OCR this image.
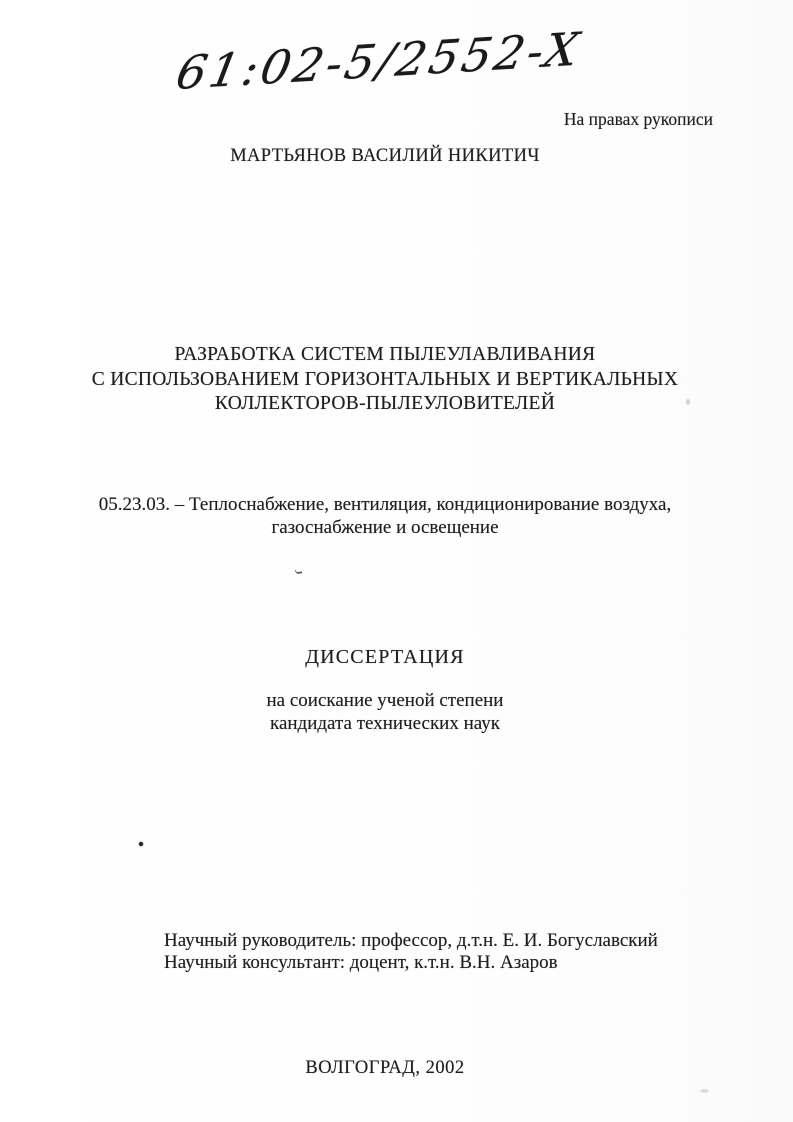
61:02-5/2552-X
На правах рукописи
МАРТЬЯНОВ ВАСИЛИЙ НИКИТИЧ
РАЗРАБОТКА СИСТЕМ ПЫЛЕУЛАВЛИВАНИЯ
С ИСПОЛЬЗОВАНИЕМ ГОРИЗОНТАЛЬНЫХ И ВЕРТИКАЛЬНЫХ
КОЛЛЕКТОРОВ-ПЫЛЕУЛОВИТЕЛЕЙ
05.23.03. – Теплоснабжение, вентиляция, кондиционирование воздуха,
газоснабжение и освещение
ДИССЕРТАЦИЯ
на соискание ученой степени
кандидата технических наук
Научный руководитель: профессор, д.т.н. Е. И. Богуславский
Научный консультант: доцент, к.т.н. В.Н. Азаров
ВОЛГОГРАД, 2002
